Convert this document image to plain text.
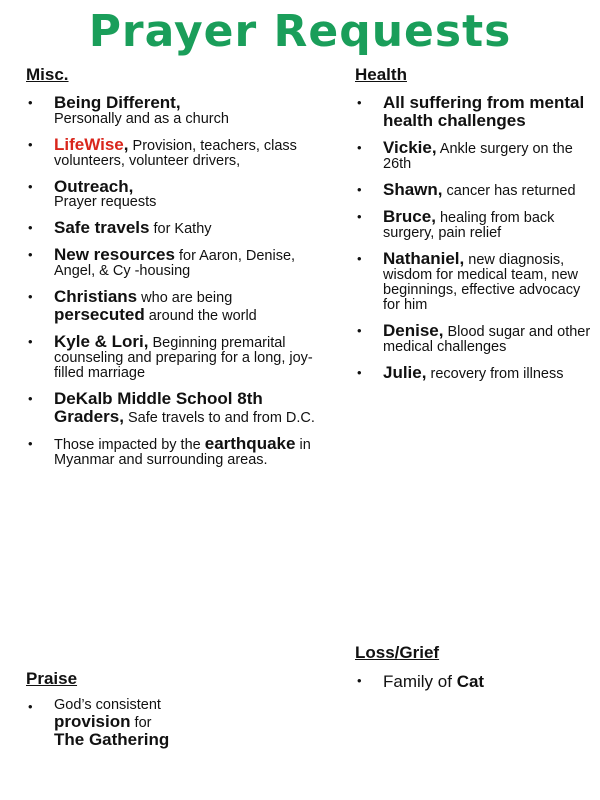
Prayer Requests
Misc.
• Being Different,
Personally and as a church
• LifeWise, Provision, teachers, class volunteers, volunteer drivers,
• Outreach,
Prayer requests
• Safe travels for Kathy
• New resources for Aaron, Denise, Angel, & Cy -housing
• Christians who are being persecuted around the world
• Kyle & Lori, Beginning premarital counseling and preparing for a long, joy-filled marriage
• DeKalb Middle School 8th Graders, Safe travels to and from D.C.
• Those impacted by the earthquake in Myanmar and surrounding areas.
Health
• All suffering from mental health challenges
• Vickie, Ankle surgery on the 26th
• Shawn, cancer has returned
• Bruce, healing from back surgery, pain relief
• Nathaniel, new diagnosis, wisdom for medical team, new beginnings, effective advocacy for him
• Denise, Blood sugar and other medical challenges
• Julie, recovery from illness
Loss/Grief
• Family of Cat
Praise
• God’s consistent
provision for
The Gathering
